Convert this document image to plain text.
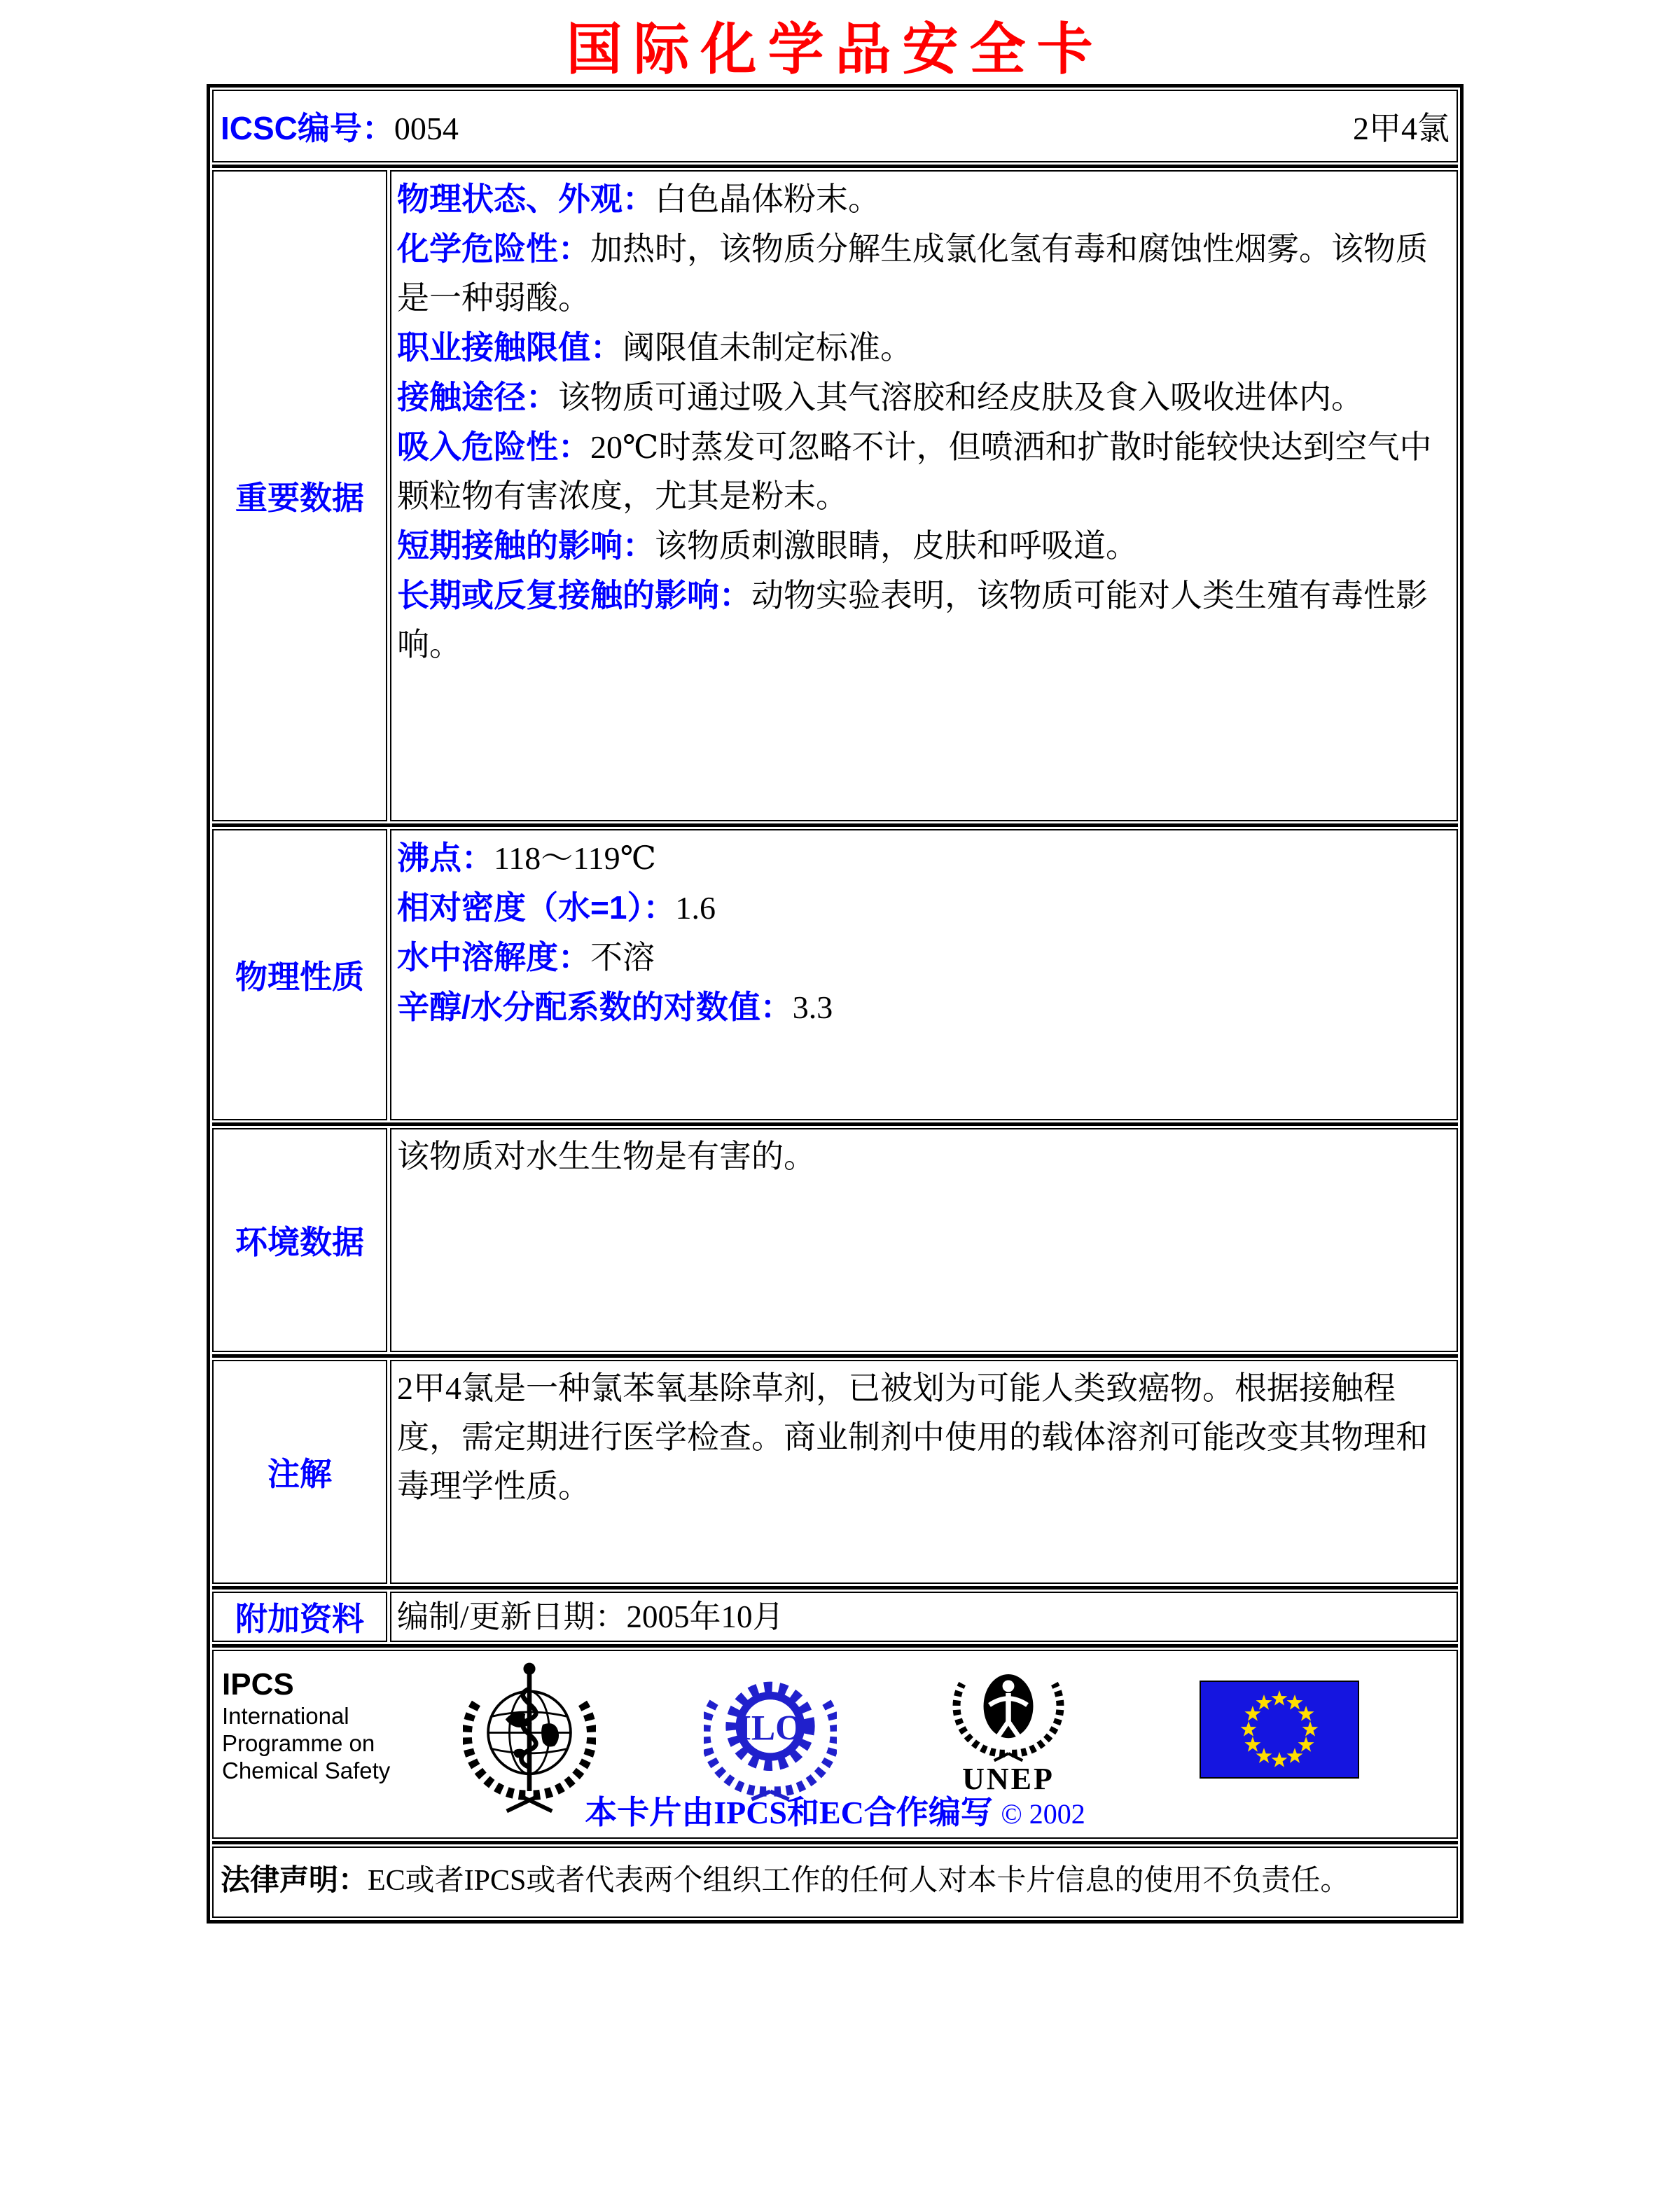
国际化学品安全卡
ICSC编号：0054	2甲4氯
重要数据
物理状态、外观：白色晶体粉末。
化学危险性：加热时，该物质分解生成氯化氢有毒和腐蚀性烟雾。该物质是一种弱酸。
职业接触限值：阈限值未制定标准。
接触途径：该物质可通过吸入其气溶胶和经皮肤及食入吸收进体内。
吸入危险性：20℃时蒸发可忽略不计，但喷洒和扩散时能较快达到空气中颗粒物有害浓度，尤其是粉末。
短期接触的影响：该物质刺激眼睛，皮肤和呼吸道。
长期或反复接触的影响：动物实验表明，该物质可能对人类生殖有毒性影响。
物理性质
沸点：118～119℃
相对密度（水=1）：1.6
水中溶解度：不溶
辛醇/水分配系数的对数值：3.3
环境数据
该物质对水生生物是有害的。
注解
2甲4氯是一种氯苯氧基除草剂，已被划为可能人类致癌物。根据接触程度，需定期进行医学检查。商业制剂中使用的载体溶剂可能改变其物理和毒理学性质。
附加资料	编制/更新日期： 2005年10月
IPCS
International
Programme on
Chemical Safety
ILO
UNEP
本卡片由IPCS和EC合作编写 © 2002
法律声明：EC或者IPCS或者代表两个组织工作的任何人对本卡片信息的使用不负责任。
